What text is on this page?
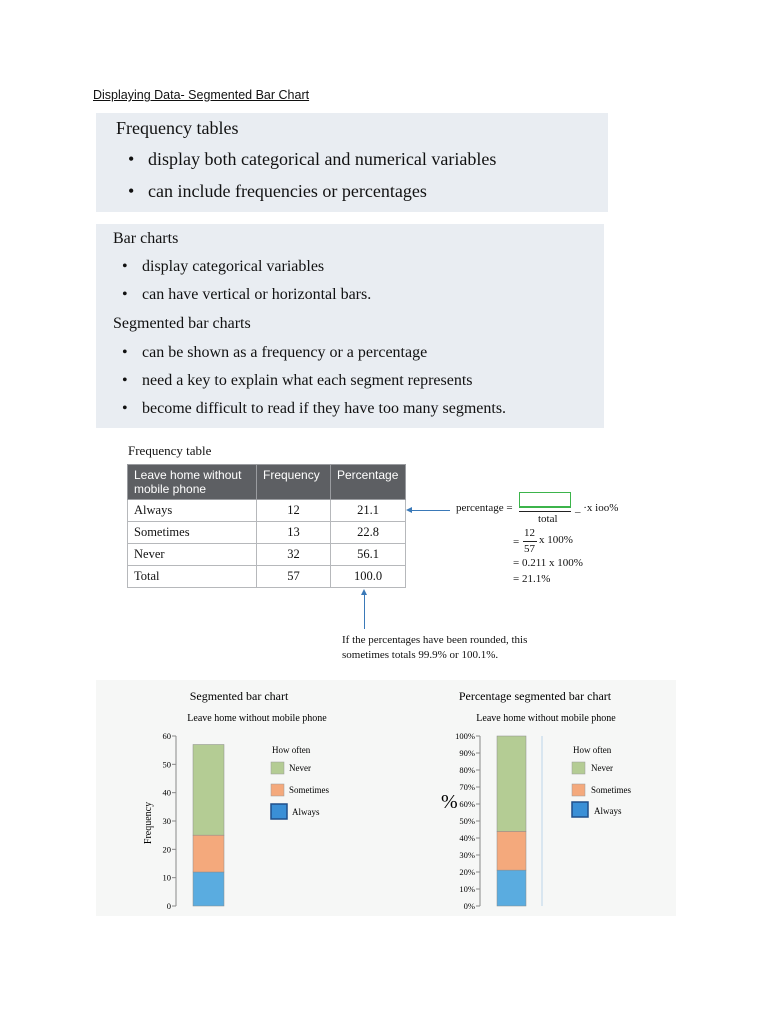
Displaying Data- Segmented Bar Chart
Frequency tables
• display both categorical and numerical variables
• can include frequencies or percentages
Bar charts
• display categorical variables
• can have vertical or horizontal bars.
Segmented bar charts
• can be shown as a frequency or a percentage
• need a key to explain what each segment represents
• become difficult to read if they have too many segments.
Frequency table
Leave home without mobile phone	Frequency	Percentage
Always	12	21.1
Sometimes	13	22.8
Never	32	56.1
Total	57	100.0
percentage =
total
_ ·x ioo%
12
= x 100%
57
= 0.211 x 100%
= 21.1%
If the percentages have been rounded, this
sometimes totals 99.9% or 100.1%.
Segmented bar chart
Leave home without mobile phone
Frequency
0
10
20
30
40
50
60
How often
Never
Sometimes
Always
Percentage segmented bar chart
Leave home without mobile phone
%
0%
10%
20%
30%
40%
50%
60%
70%
80%
90%
100%
How often
Never
Sometimes
Always
